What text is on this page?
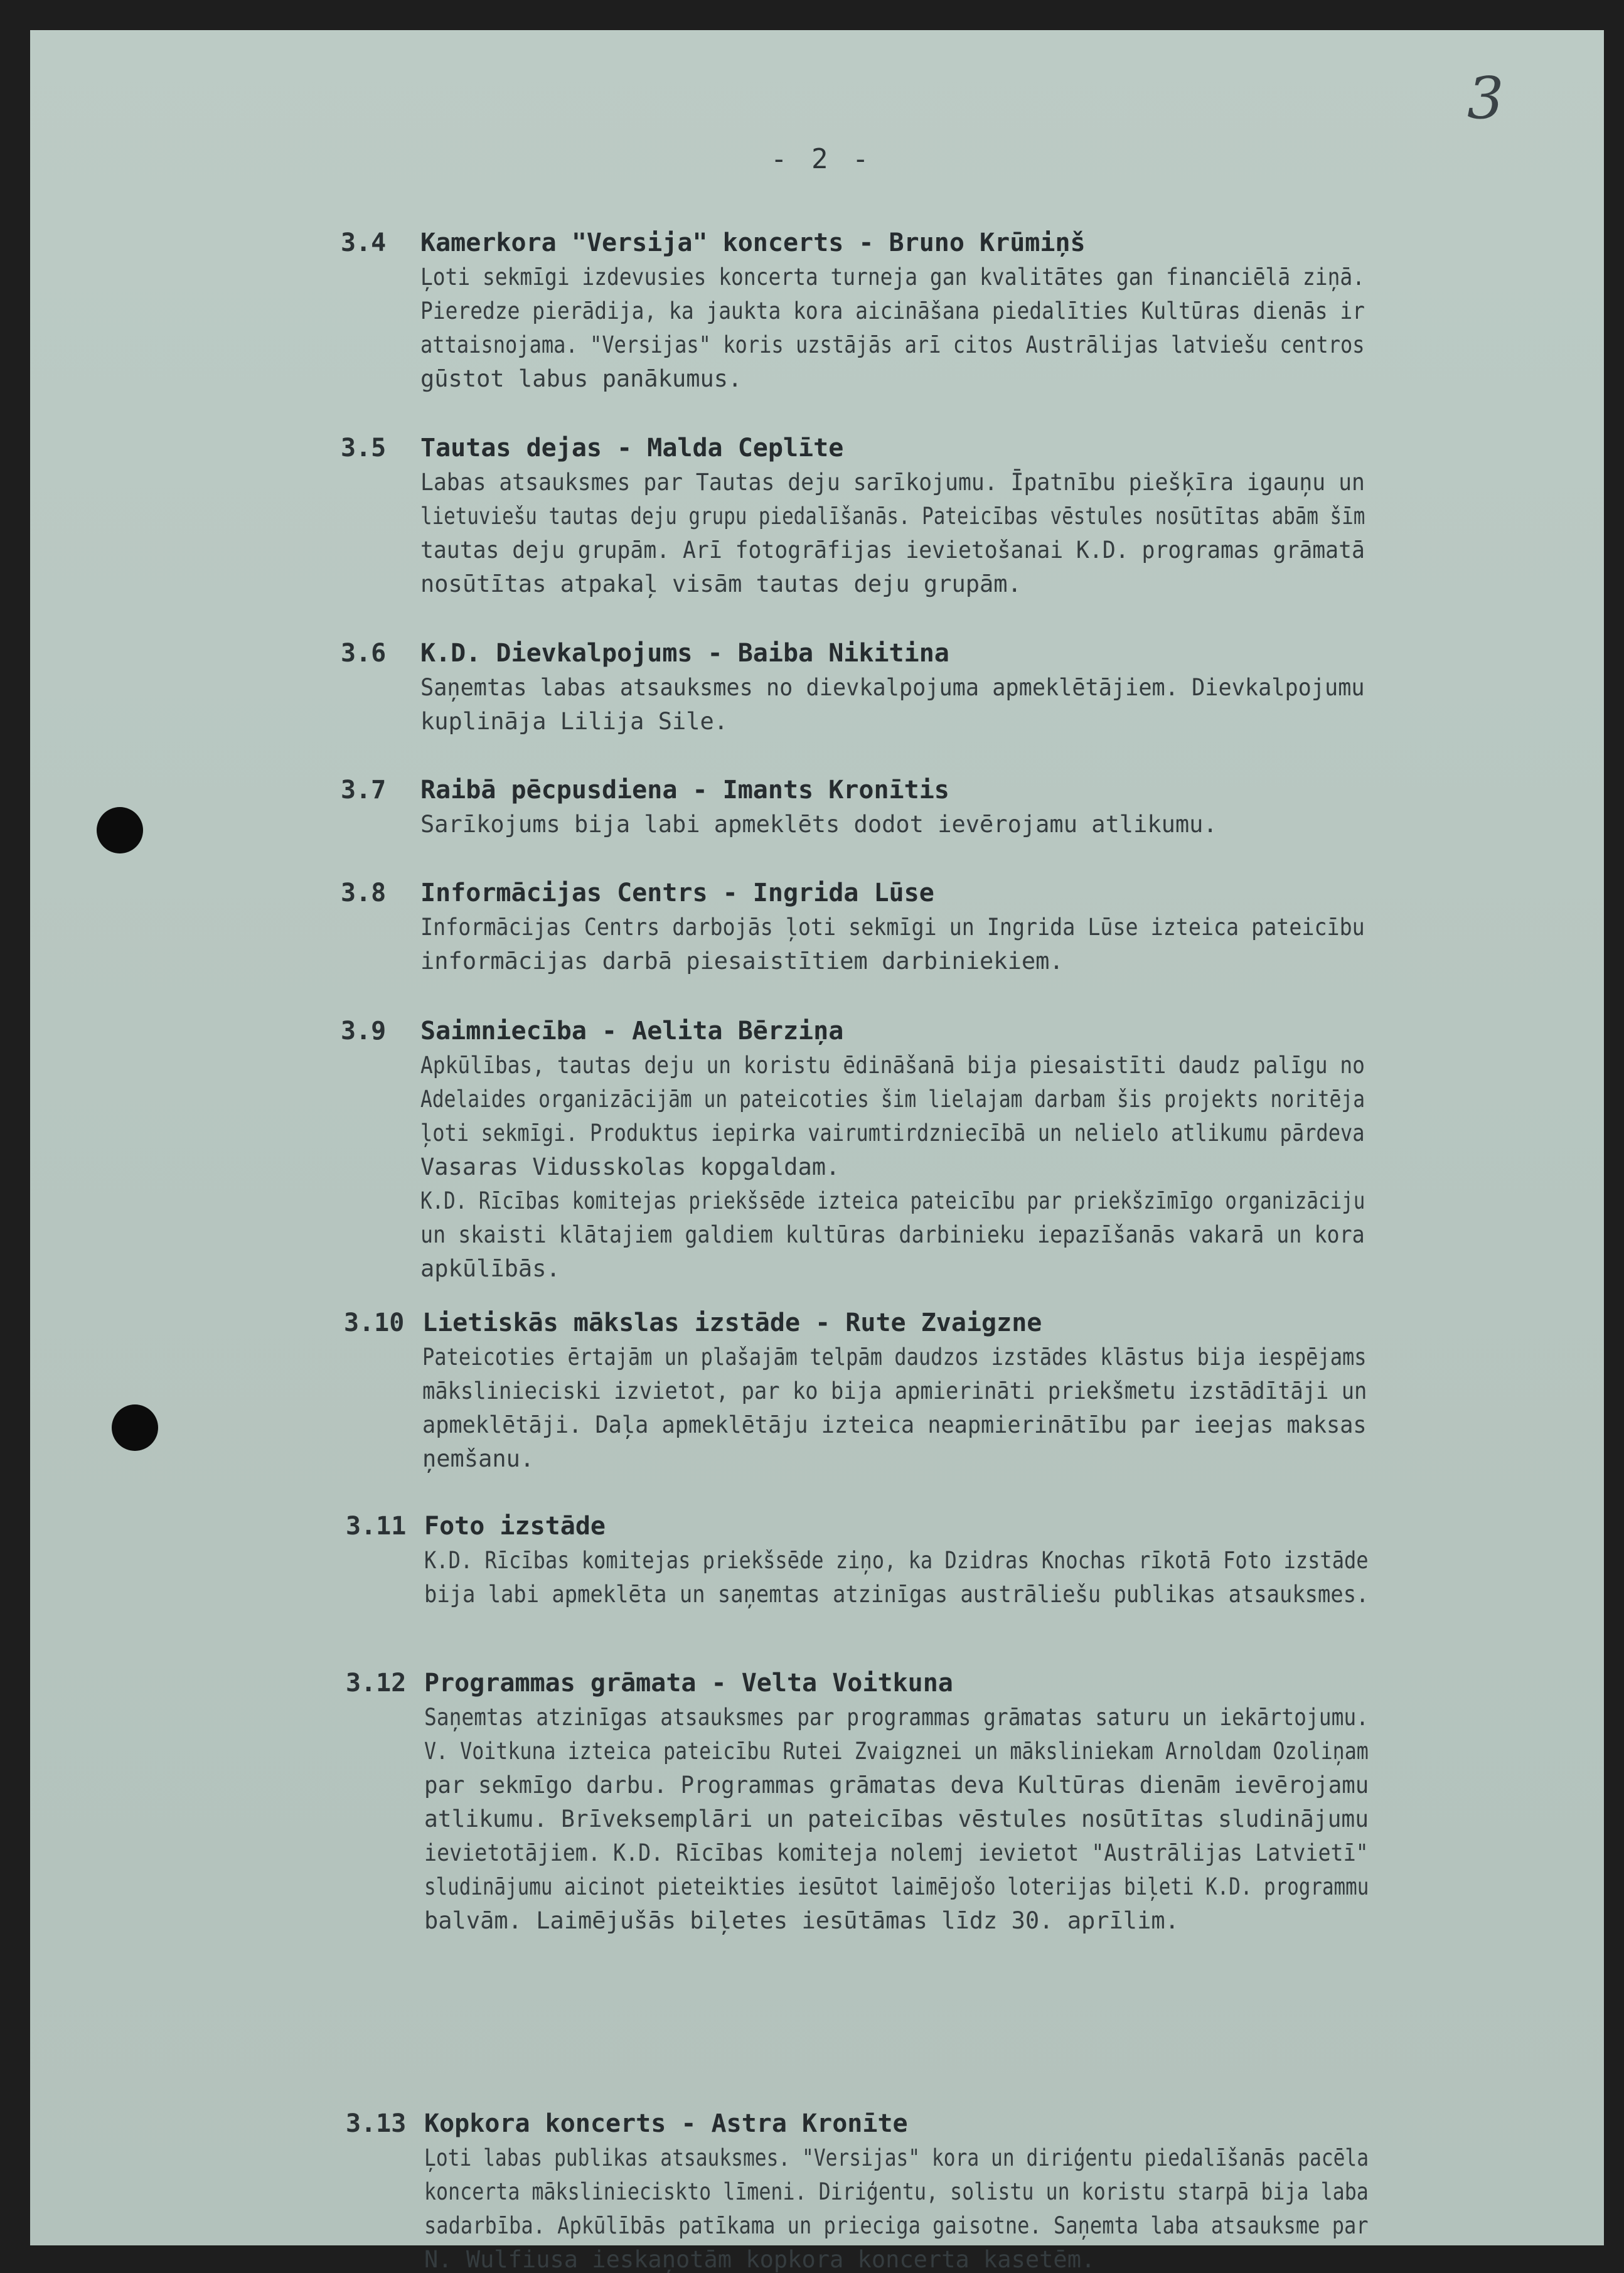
3
- 2 -
3.4 Kamerkora "Versija" koncerts - Bruno Krūmiņš
Ļoti sekmīgi izdevusies koncerta turneja gan kvalitātes gan financiēlā ziņā.
Pieredze pierādija, ka jaukta kora aicināšana piedalīties Kultūras dienās ir
attaisnojama. "Versijas" koris uzstājās arī citos Austrālijas latviešu centros
gūstot labus panākumus.
3.5 Tautas dejas - Malda Ceplīte
Labas atsauksmes par Tautas deju sarīkojumu. Īpatnību piešķīra igauņu un
lietuviešu tautas deju grupu piedalīšanās. Pateicības vēstules nosūtītas abām šīm
tautas deju grupām. Arī fotogrāfijas ievietošanai K.D. programas grāmatā
nosūtītas atpakaļ visām tautas deju grupām.
3.6 K.D. Dievkalpojums - Baiba Nikitina
Saņemtas labas atsauksmes no dievkalpojuma apmeklētājiem. Dievkalpojumu
kuplināja Lilija Sile.
3.7 Raibā pēcpusdiena - Imants Kronītis
Sarīkojums bija labi apmeklēts dodot ievērojamu atlikumu.
3.8 Informācijas Centrs - Ingrida Lūse
Informācijas Centrs darbojās ļoti sekmīgi un Ingrida Lūse izteica pateicību
informācijas darbā piesaistītiem darbiniekiem.
3.9 Saimniecība - Aelita Bērziņa
Apkūlības, tautas deju un koristu ēdināšanā bija piesaistīti daudz palīgu no
Adelaides organizācijām un pateicoties šim lielajam darbam šis projekts noritēja
ļoti sekmīgi. Produktus iepirka vairumtirdzniecībā un nelielo atlikumu pārdeva
Vasaras Vidusskolas kopgaldam.
K.D. Rīcības komitejas priekšsēde izteica pateicību par priekšzīmīgo organizāciju
un skaisti klātajiem galdiem kultūras darbinieku iepazīšanās vakarā un kora
apkūlībās.
3.10 Lietiskās mākslas izstāde - Rute Zvaigzne
Pateicoties ērtajām un plašajām telpām daudzos izstādes klāstus bija iespējams
mākslinieciski izvietot, par ko bija apmierināti priekšmetu izstādītāji un
apmeklētāji. Daļa apmeklētāju izteica neapmierinātību par ieejas maksas
ņemšanu.
3.11 Foto izstāde
K.D. Rīcības komitejas priekšsēde ziņo, ka Dzidras Knochas rīkotā Foto izstāde
bija labi apmeklēta un saņemtas atzinīgas austrāliešu publikas atsauksmes.
3.12 Programmas grāmata - Velta Voitkuna
Saņemtas atzinīgas atsauksmes par programmas grāmatas saturu un iekārtojumu.
V. Voitkuna izteica pateicību Rutei Zvaigznei un māksliniekam Arnoldam Ozoliņam
par sekmīgo darbu. Programmas grāmatas deva Kultūras dienām ievērojamu
atlikumu. Brīveksemplāri un pateicības vēstules nosūtītas sludinājumu
ievietotājiem. K.D. Rīcības komiteja nolemj ievietot "Austrālijas Latvietī"
sludinājumu aicinot pieteikties iesūtot laimējošo loterijas biļeti K.D. programmu
balvām. Laimējušās biļetes iesūtāmas līdz 30. aprīlim.
3.13 Kopkora koncerts - Astra Kronīte
Ļoti labas publikas atsauksmes. "Versijas" kora un diriģentu piedalīšanās pacēla
koncerta mākslinieciskto līmeni. Diriģentu, solistu un koristu starpā bija laba
sadarbība. Apkūlībās patīkama un prieciga gaisotne. Saņemta laba atsauksme par
N. Wulfiusa ieskaņotām kopkora koncerta kasetēm.
